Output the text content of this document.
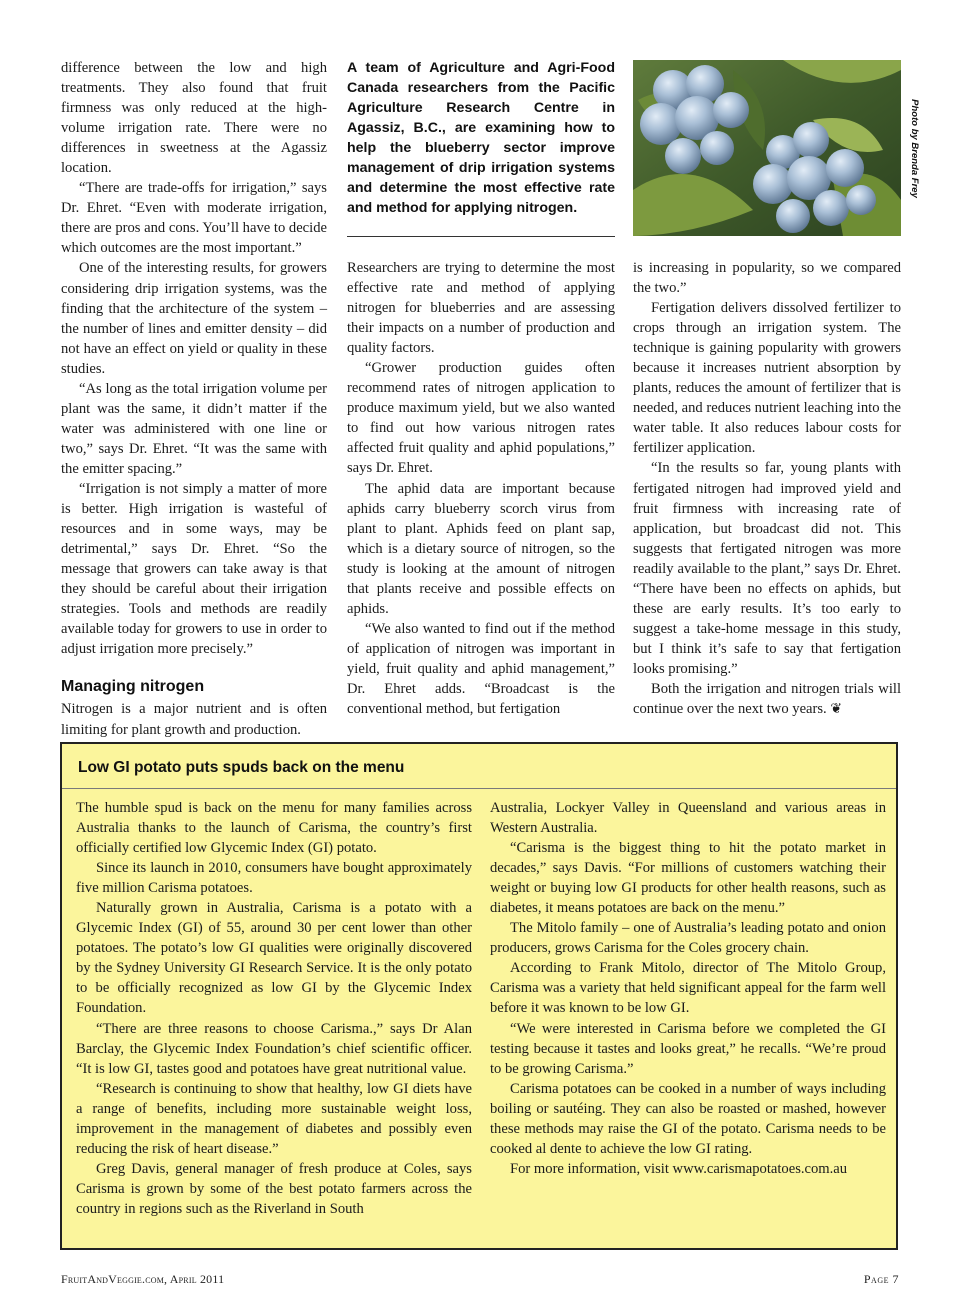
difference between the low and high treatments. They also found that fruit firmness was only reduced at the high-volume irrigation rate. There were no differences in sweetness at the Agassiz location.

“There are trade-offs for irrigation,” says Dr. Ehret. “Even with moderate irrigation, there are pros and cons. You’ll have to decide which outcomes are the most important.”

One of the interesting results, for growers considering drip irrigation systems, was the finding that the architecture of the system – the number of lines and emitter density – did not have an effect on yield or quality in these studies.

“As long as the total irrigation volume per plant was the same, it didn’t matter if the water was administered with one line or two,” says Dr. Ehret. “It was the same with the emitter spacing.”

“Irrigation is not simply a matter of more is better. High irrigation is wasteful of resources and in some ways, may be detrimental,” says Dr. Ehret. “So the message that growers can take away is that they should be careful about their irrigation strategies. Tools and methods are readily available today for growers to use in order to adjust irrigation more precisely.”

Managing nitrogen

Nitrogen is a major nutrient and is often limiting for plant growth and production.

A team of Agriculture and Agri-Food Canada researchers from the Pacific Agriculture Research Centre in Agassiz, B.C., are examining how to help the blueberry sector improve management of drip irrigation systems and determine the most effective rate and method for applying nitrogen.
Photo by Brenda Frey

Researchers are trying to determine the most effective rate and method of applying nitrogen for blueberries and are assessing their impacts on a number of production and quality factors.

“Grower production guides often recommend rates of nitrogen application to produce maximum yield, but we also wanted to find out how various nitrogen rates affected fruit quality and aphid populations,” says Dr. Ehret.

The aphid data are important because aphids carry blueberry scorch virus from plant to plant. Aphids feed on plant sap, which is a dietary source of nitrogen, so the study is looking at the amount of nitrogen that plants receive and possible effects on aphids.

“We also wanted to find out if the method of application of nitrogen was important in yield, fruit quality and aphid management,” Dr. Ehret adds. “Broadcast is the conventional method, but fertigation

is increasing in popularity, so we compared the two.”

Fertigation delivers dissolved fertilizer to crops through an irrigation system. The technique is gaining popularity with growers because it increases nutrient absorption by plants, reduces the amount of fertilizer that is needed, and reduces nutrient leaching into the water table. It also reduces labour costs for fertilizer application.

“In the results so far, young plants with fertigated nitrogen had improved yield and fruit firmness with increasing rate of application, but broadcast did not. This suggests that fertigated nitrogen was more readily available to the plant,” says Dr. Ehret. “There have been no effects on aphids, but these are early results. It’s too early to suggest a take-home message in this study, but I think it’s safe to say that fertigation looks promising.”

Both the irrigation and nitrogen trials will continue over the next two years. ❦

Low GI potato puts spuds back on the menu

The humble spud is back on the menu for many families across Australia thanks to the launch of Carisma, the country’s first officially certified low Glycemic Index (GI) potato.

Since its launch in 2010, consumers have bought approximately five million Carisma potatoes.

Naturally grown in Australia, Carisma is a potato with a Glycemic Index (GI) of 55, around 30 per cent lower than other potatoes. The potato’s low GI qualities were originally discovered by the Sydney University GI Research Service. It is the only potato to be officially recognized as low GI by the Glycemic Index Foundation.

“There are three reasons to choose Carisma.,” says Dr Alan Barclay, the Glycemic Index Foundation’s chief scientific officer. “It is low GI, tastes good and potatoes have great nutritional value.

“Research is continuing to show that healthy, low GI diets have a range of benefits, including more sustainable weight loss, improvement in the management of diabetes and possibly even reducing the risk of heart disease.”

Greg Davis, general manager of fresh produce at Coles, says Carisma is grown by some of the best potato farmers across the country in regions such as the Riverland in South

Australia, Lockyer Valley in Queensland and various areas in Western Australia.

“Carisma is the biggest thing to hit the potato market in decades,” says Davis. “For millions of customers watching their weight or buying low GI products for other health reasons, such as diabetes, it means potatoes are back on the menu.”

The Mitolo family – one of Australia’s leading potato and onion producers, grows Carisma for the Coles grocery chain.

According to Frank Mitolo, director of The Mitolo Group, Carisma was a variety that held significant appeal for the farm well before it was known to be low GI.

“We were interested in Carisma before we completed the GI testing because it tastes and looks great,” he recalls. “We’re proud to be growing Carisma.”

Carisma potatoes can be cooked in a number of ways including boiling or sautéing. They can also be roasted or mashed, however these methods may raise the GI of the potato. Carisma needs to be cooked al dente to achieve the low GI rating.

For more information, visit www.carismapotatoes.com.au

FruitAndVeggie.com, April 2011	Page 7
